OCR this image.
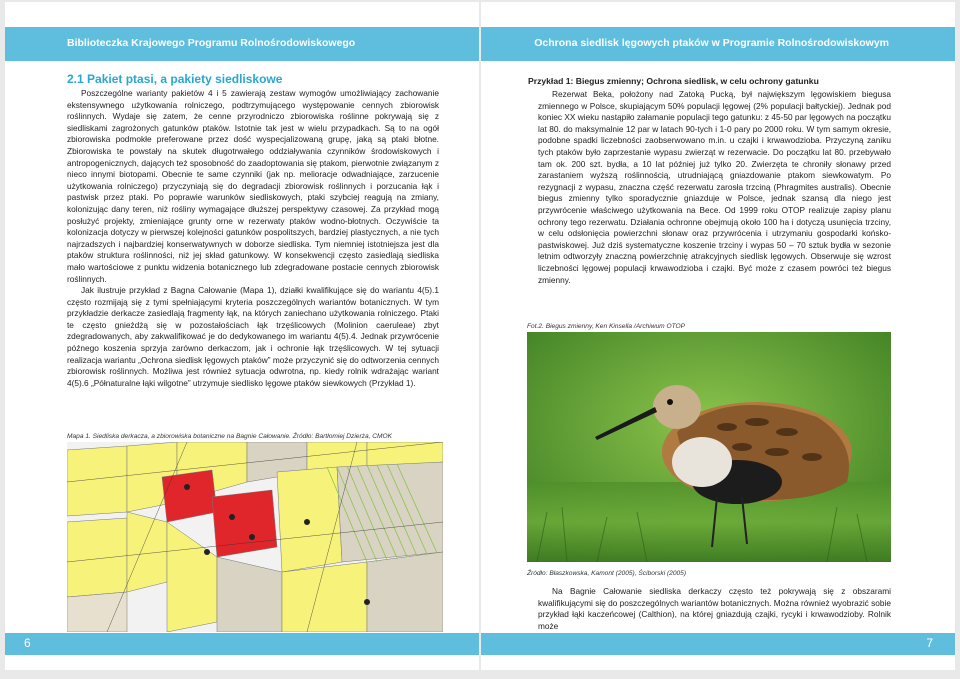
Biblioteczka Krajowego Programu Rolnośrodowiskowego
2.1 Pakiet ptasi, a pakiety siedliskowe

Poszczególne warianty pakietów 4 i 5 zawierają zestaw wymogów umożliwiający zachowanie ekstensywnego użytkowania rolniczego, podtrzymującego występowanie cennych zbiorowisk roślinnych. Wydaje się zatem, że cenne przyrodniczo zbiorowiska roślinne pokrywają się z siedliskami zagrożonych gatunków ptaków. Istotnie tak jest w wielu przypadkach. Są to na ogół zbiorowiska podmokłe preferowane przez dość wyspecjalizowaną grupę, jaką są ptaki błotne. Zbiorowiska te powstały na skutek długotrwałego oddziaływania czynników środowiskowych i antropogenicznych, dających też sposobność do zaadoptowania się ptakom, pierwotnie związanym z nieco innymi biotopami. Obecnie te same czynniki (jak np. melioracje odwadniające, zarzucenie użytkowania rolniczego) przyczyniają się do degradacji zbiorowisk roślinnych i porzucania łąk i pastwisk przez ptaki. Po poprawie warunków siedliskowych, ptaki szybciej reagują na zmiany, kolonizując dany teren, niż rośliny wymagające dłuższej perspektywy czasowej. Za przykład mogą posłużyć projekty, zmieniające grunty orne w rezerwaty ptaków wodno-błotnych. Oczywiście ta kolonizacja dotyczy w pierwszej kolejności gatunków pospolitszych, bardziej plastycznych, a nie tych najrzadszych i najbardziej konserwatywnych w doborze siedliska. Tym niemniej istotniejsza jest dla ptaków struktura roślinności, niż jej skład gatunkowy. W konsekwencji często zasiedlają siedliska mało wartościowe z punktu widzenia botanicznego lub zdegradowane postacie cennych zbiorowisk roślinnych.

Jak ilustruje przykład z Bagna Całowanie (Mapa 1), działki kwalifikujące się do wariantu 4(5).1 często rozmijają się z tymi spełniającymi kryteria poszczególnych wariantów botanicznych. W tym przykładzie derkacze zasiedlają fragmenty łąk, na których zaniechano użytkowania rolniczego. Ptaki te często gnieżdżą się w pozostałościach łąk trzęślicowych (Molinion caeruleae) zbyt zdegradowanych, aby zakwalifikować je do dedykowanego im wariantu 4(5).4. Jednak przywrócenie późnego koszenia sprzyja zarówno derkaczom, jak i ochronie łąk trzęślicowych. W tej sytuacji realizacja wariantu „Ochrona siedlisk lęgowych ptaków” może przyczynić się do odtworzenia cennych zbiorowisk roślinnych. Możliwa jest również sytuacja odwrotna, np. kiedy rolnik wdrażając wariant 4(5).6 „Półnaturalne łąki wilgotne” utrzymuje siedlisko lęgowe ptaków siewkowych (Przykład 1).

Mapa 1. Siedliska derkacza, a zbiorowiska botaniczne na Bagnie Całowanie. Źródło: Bartłomiej Dzierża, CMOK
6
Ochrona siedlisk lęgowych ptaków w Programie Rolnośrodowiskowym
Przykład 1: Biegus zmienny; Ochrona siedlisk, w celu ochrony gatunku

Rezerwat Beka, położony nad Zatoką Pucką, był największym lęgowiskiem biegusa zmiennego w Polsce, skupiającym 50% populacji lęgowej (2% populacji bałtyckiej). Jednak pod koniec XX wieku nastąpiło załamanie populacji tego gatunku: z 45-50 par lęgowych na początku lat 80. do maksymalnie 12 par w latach 90-tych i 1-0 pary po 2000 roku. W tym samym okresie, podobne spadki liczebności zaobserwowano m.in. u czajki i krwawodzioba. Przyczyną zaniku tych ptaków było zaprzestanie wypasu zwierząt w rezerwacie. Do początku lat 80. przebywało tam ok. 200 szt. bydła, a 10 lat później już tylko 20. Zwierzęta te chroniły słonawy przed zarastaniem wyższą roślinnością, utrudniającą gniazdowanie ptakom siewkowatym. Po rezygnacji z wypasu, znaczna część rezerwatu zarosła trzciną (Phragmites australis). Obecnie biegus zmienny tylko sporadycznie gniazduje w Polsce, jednak szansą dla niego jest przywrócenie właściwego użytkowania na Bece. Od 1999 roku OTOP realizuje zapisy planu ochrony tego rezerwatu. Działania ochronne obejmują około 100 ha i dotyczą usunięcia trzciny, w celu odsłonięcia powierzchni słonaw oraz przywrócenia i utrzymaniu gospodarki końsko-pastwiskowej. Już dziś systematyczne koszenie trzciny i wypas 50 – 70 sztuk bydła w sezonie letnim odtworzyły znaczną powierzchnię atrakcyjnych siedlisk lęgowych. Obserwuje się wzrost liczebności lęgowej populacji krwawodzioba i czajki. Być może z czasem powróci też biegus zmienny.

Fot.2. Biegus zmienny, Ken Kinsella /Archiwum OTOP
Źródło: Błaszkowska, Kamont (2005), Ściborski (2005)

Na Bagnie Całowanie siedliska derkaczy często też pokrywają się z obszarami kwalifikującymi się do poszczególnych wariantów botanicznych. Można również wyobrazić sobie przykład łąki kaczeńcowej (Calthion), na której gniazdują czajki, rycyki i krwawodzioby. Rolnik może

7
